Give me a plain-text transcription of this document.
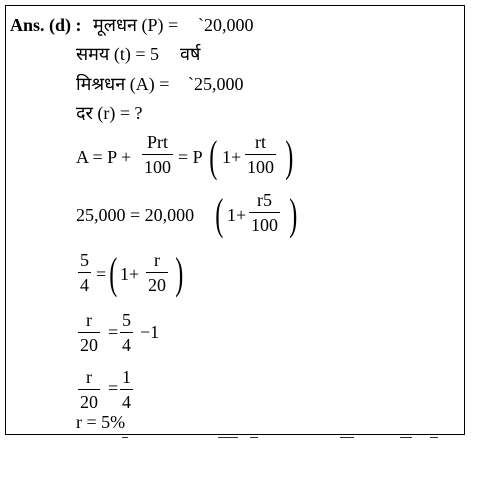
Ans. (d) : मूलधन (P) = `20,000
समय (t) = 5 वर्ष
मिश्रधन (A) = `25,000
दर (r) = ?
A = P +
Prt
100 = P ( $1+ \frac{rt}{100}$ )
25,000 = 20,000 ( $1+ \frac{r5}{100}$ )
$\frac{5}{4}$ = ( $1+ \frac{r}{20}$ )
$\frac{r}{20} = \frac{5}{4} -1$
$\frac{r}{20} = \frac{1}{4}$
r = 5%
